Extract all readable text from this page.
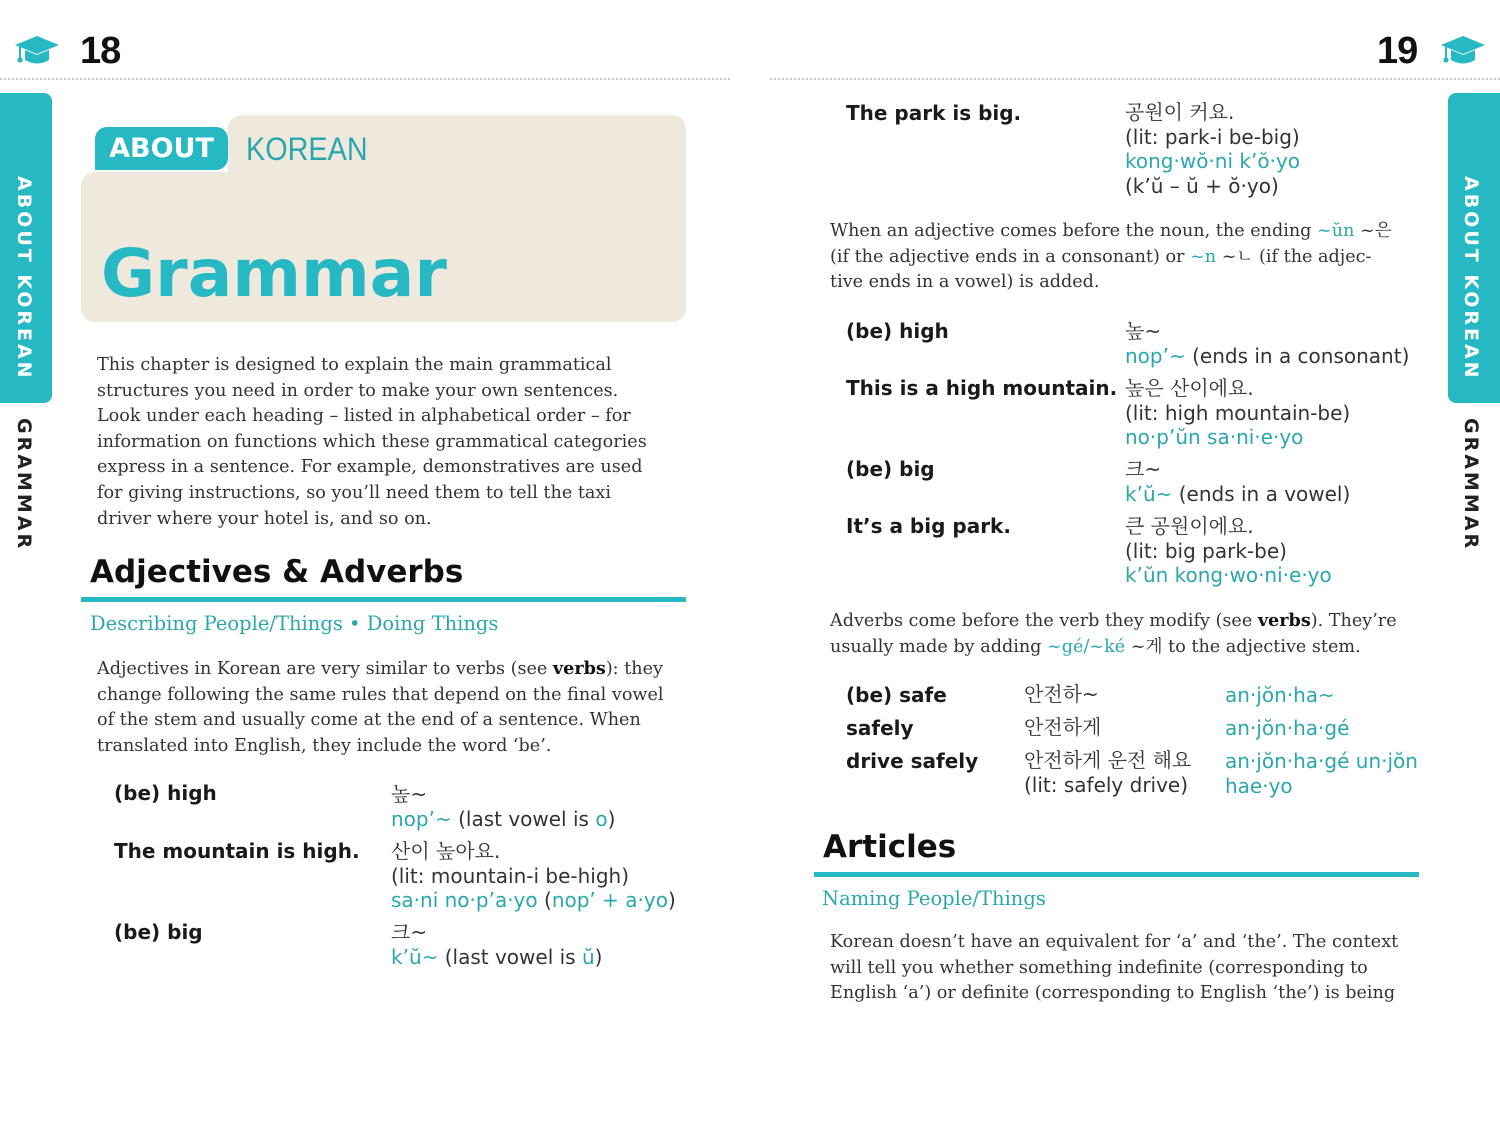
18	19
ABOUT KOREAN
GRAMMAR
ABOUT KOREAN
GRAMMAR
ABOUT	KOREAN
Grammar
This chapter is designed to explain the main grammatical
structures you need in order to make your own sentences.
Look under each heading – listed in alphabetical order – for
information on functions which these grammatical categories
express in a sentence. For example, demonstratives are used
for giving instructions, so you’ll need them to tell the taxi
driver where your hotel is, and so on.
Adjectives & Adverbs
Describing People/Things • Doing Things
Adjectives in Korean are very similar to verbs (see verbs): they
change following the same rules that depend on the final vowel
of the stem and usually come at the end of a sentence. When
translated into English, they include the word ‘be’.
(be) high	높~
nop’~ (last vowel is o)
The mountain is high. 산이 높아요.
(lit: mountain-i be-high)
sa·ni no·p’a·yo (nop’ + a·yo)
(be) big	크~
k’ŭ~ (last vowel is ŭ)
The park is big.	공원이 커요.
(lit: park-i be-big)
kong·wŏ·ni k’ŏ·yo
(k’ŭ – ŭ + ŏ·yo)
When an adjective comes before the noun, the ending ~ŭn ~은
(if the adjective ends in a consonant) or ~n ~ㄴ (if the adjec-
tive ends in a vowel) is added.
(be) high	높~
nop’~ (ends in a consonant)
This is a high mountain. 높은 산이에요.
(lit: high mountain-be)
no·p’ŭn sa·ni·e·yo
(be) big	크~
k’ŭ~ (ends in a vowel)
It’s a big park.	큰 공원이에요.
(lit: big park-be)
k’ŭn kong·wo·ni·e·yo
Adverbs come before the verb they modify (see verbs). They’re
usually made by adding ~gé/~ké ~게 to the adjective stem.
(be) safe	안전하~	an·jŏn·ha~
safely	안전하게	an·jŏn·ha·gé
drive safely 안전하게 운전 해요
(lit: safely drive)
an·jŏn·ha·gé un·jŏn
hae·yo
Articles
Naming People/Things
Korean doesn’t have an equivalent for ‘a’ and ‘the’. The context
will tell you whether something indefinite (corresponding to
English ‘a’) or definite (corresponding to English ‘the’) is being
